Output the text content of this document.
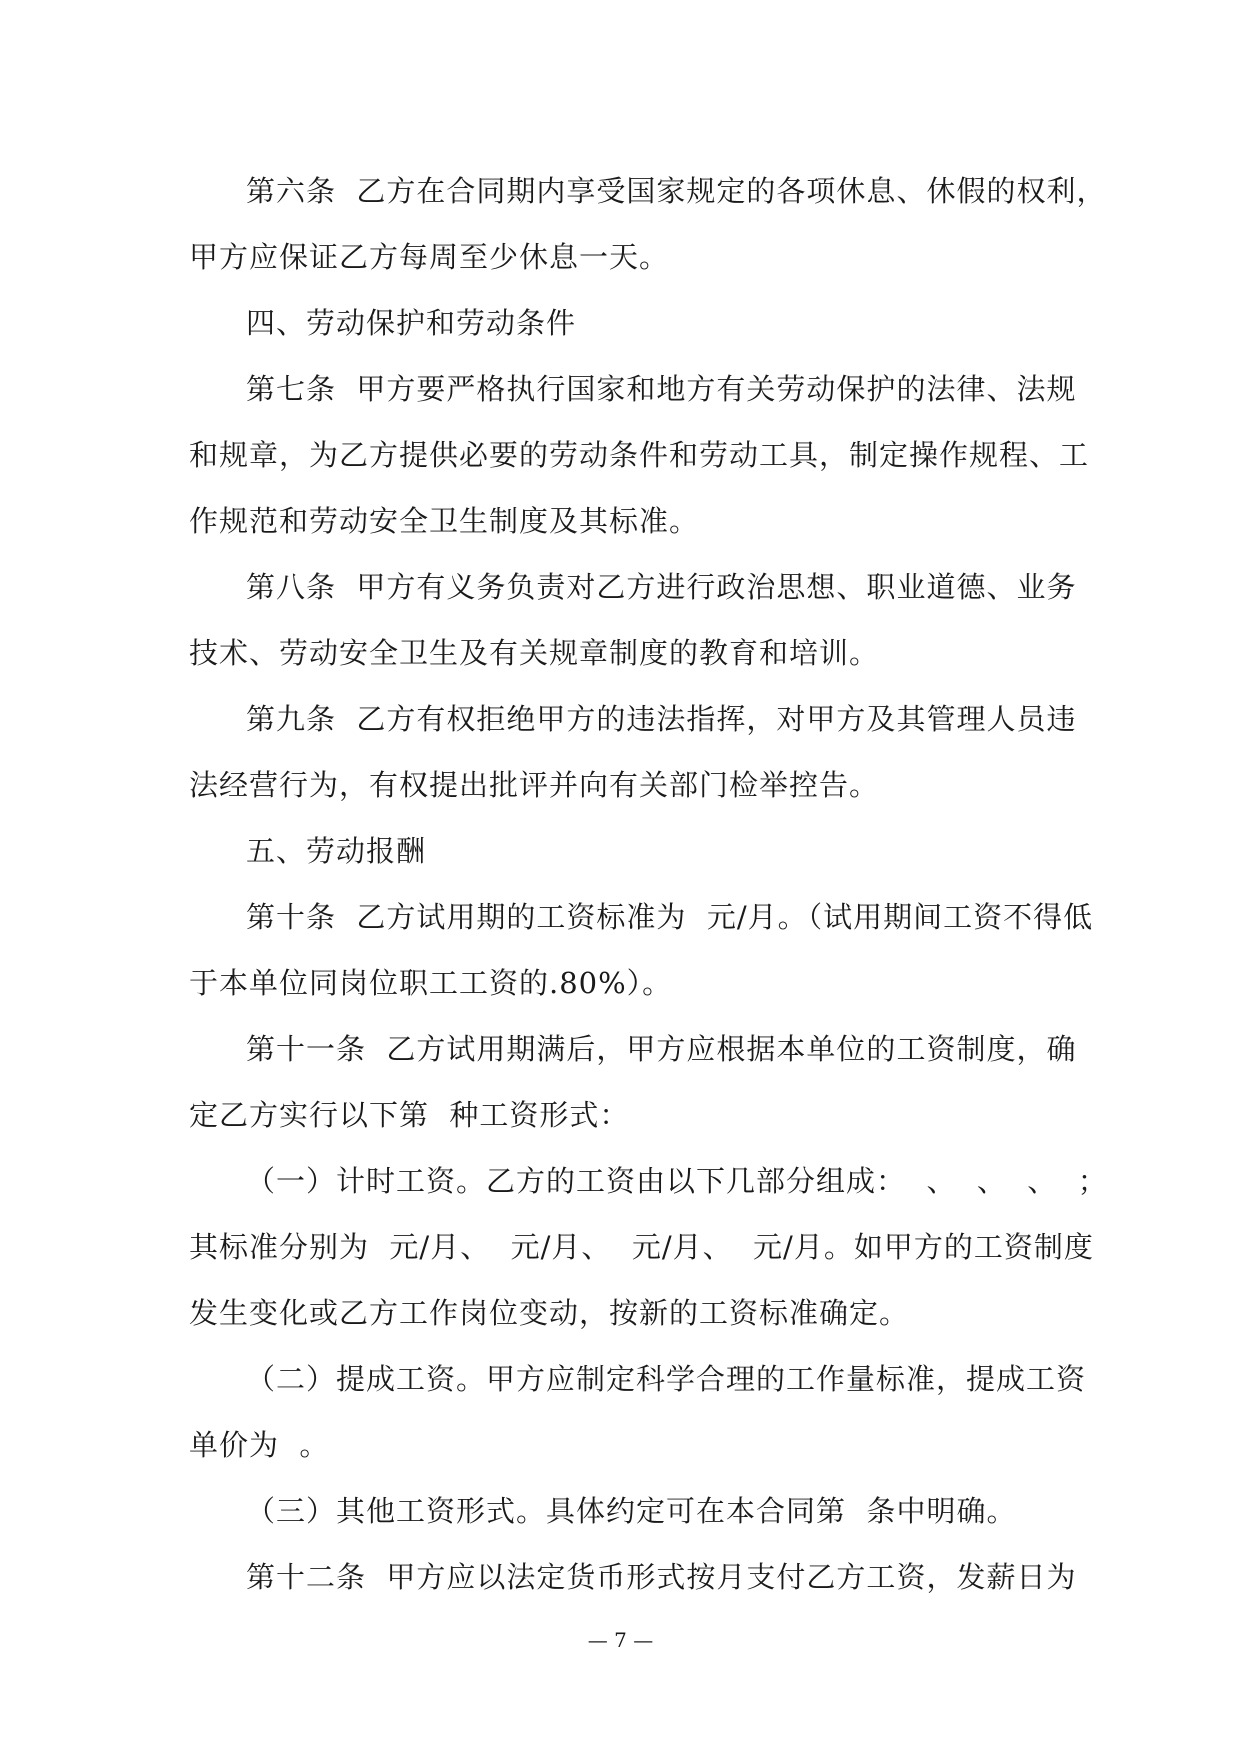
第六条  乙方在合同期内享受国家规定的各项休息、休假的权利，
甲方应保证乙方每周至少休息一天。
四、劳动保护和劳动条件
第七条  甲方要严格执行国家和地方有关劳动保护的法律、法规
和规章，为乙方提供必要的劳动条件和劳动工具，制定操作规程、工
作规范和劳动安全卫生制度及其标准。
第八条  甲方有义务负责对乙方进行政治思想、职业道德、业务
技术、劳动安全卫生及有关规章制度的教育和培训。
第九条  乙方有权拒绝甲方的违法指挥，对甲方及其管理人员违
法经营行为，有权提出批评并向有关部门检举控告。
五、劳动报酬
第十条  乙方试用期的工资标准为  元/月。（试用期间工资不得低
于本单位同岗位职工工资的.80%）。
第十一条  乙方试用期满后，甲方应根据本单位的工资制度，确
定乙方实行以下第  种工资形式：
（一）计时工资。乙方的工资由以下几部分组成：  、  、  、  ；
其标准分别为  元/月、  元/月、  元/月、  元/月。如甲方的工资制度
发生变化或乙方工作岗位变动，按新的工资标准确定。
（二）提成工资。甲方应制定科学合理的工作量标准，提成工资
单价为  。
（三）其他工资形式。具体约定可在本合同第  条中明确。
第十二条  甲方应以法定货币形式按月支付乙方工资，发薪日为
— 7 —
